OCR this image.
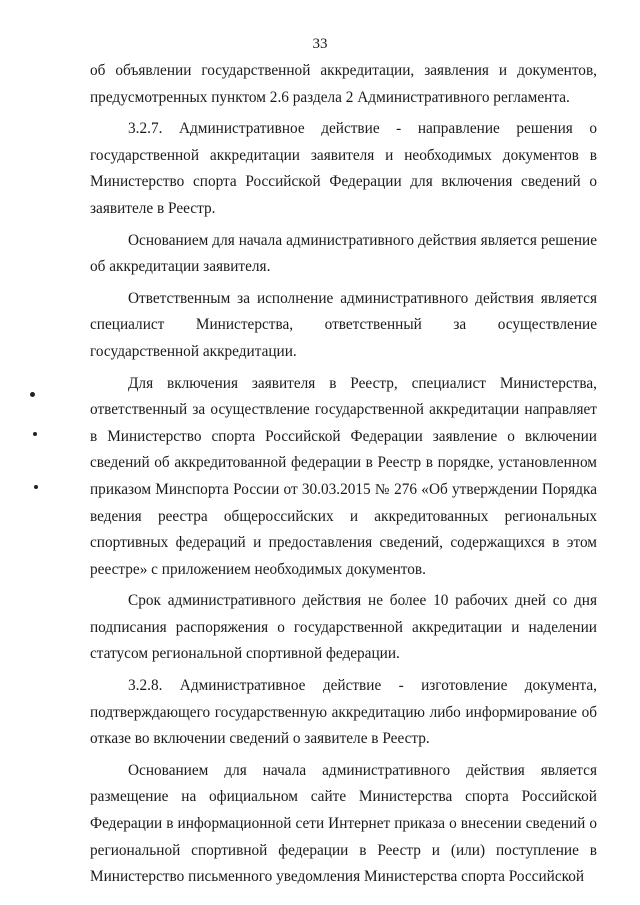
33

об объявлении государственной аккредитации, заявления и документов, предусмотренных пунктом 2.6 раздела 2 Административного регламента.

3.2.7. Административное действие - направление решения о государственной аккредитации заявителя и необходимых документов в Министерство спорта Российской Федерации для включения сведений о заявителе в Реестр.

Основанием для начала административного действия является решение об аккредитации заявителя.

Ответственным за исполнение административного действия является специалист Министерства, ответственный за осуществление государственной аккредитации.

Для включения заявителя в Реестр, специалист Министерства, ответственный за осуществление государственной аккредитации направляет в Министерство спорта Российской Федерации заявление о включении сведений об аккредитованной федерации в Реестр в порядке, установленном приказом Минспорта России от 30.03.2015 № 276 «Об утверждении Порядка ведения реестра общероссийских и аккредитованных региональных спортивных федераций и предоставления сведений, содержащихся в этом реестре» с приложением необходимых документов.

Срок административного действия не более 10 рабочих дней со дня подписания распоряжения о государственной аккредитации и наделении статусом региональной спортивной федерации.

3.2.8. Административное действие - изготовление документа, подтверждающего государственную аккредитацию либо информирование об отказе во включении сведений о заявителе в Реестр.

Основанием для начала административного действия является размещение на официальном сайте Министерства спорта Российской Федерации в информационной сети Интернет приказа о внесении сведений о региональной спортивной федерации в Реестр и (или) поступление в Министерство письменного уведомления Министерства спорта Российской
